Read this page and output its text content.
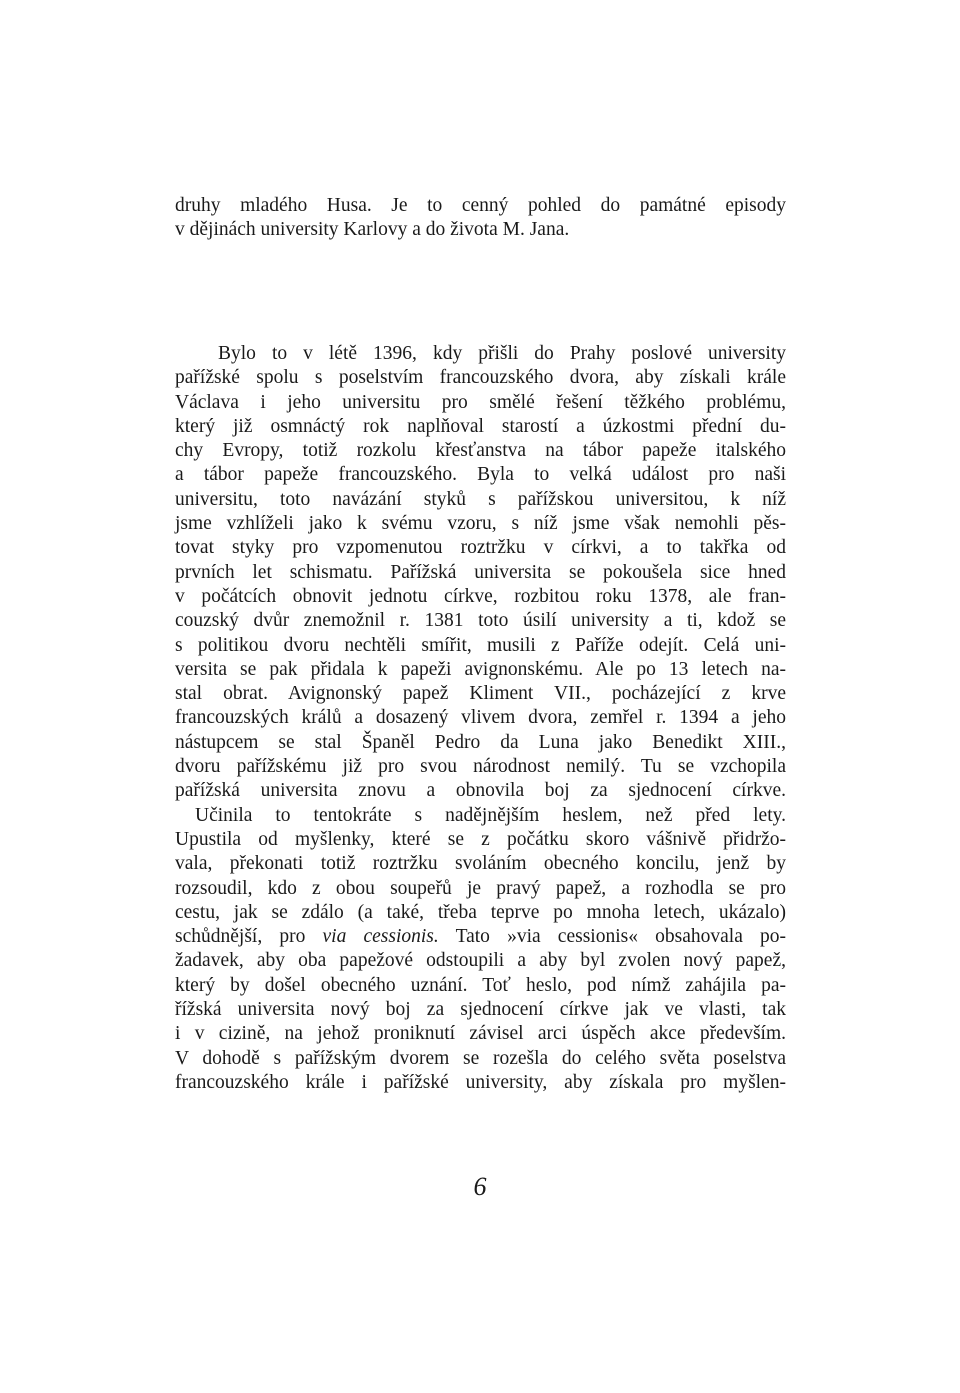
druhy mladého Husa. Je to cenný pohled do památné episody
v dějinách university Karlovy a do života M. Jana.
Bylo to v létě 1396, kdy přišli do Prahy poslové university
pařížské spolu s poselstvím francouzského dvora, aby získali krále
Václava i jeho universitu pro smělé řešení těžkého problému,
který již osmnáctý rok naplňoval starostí a úzkostmi přední du-
chy Evropy, totiž rozkolu křesťanstva na tábor papeže italského
a tábor papeže francouzského. Byla to velká událost pro naši
universitu, toto navázání styků s pařížskou universitou, k níž
jsme vzhlíželi jako k svému vzoru, s níž jsme však nemohli pěs-
tovat styky pro vzpomenutou roztržku v církvi, a to takřka od
prvních let schismatu. Pařížská universita se pokoušela sice hned
v počátcích obnovit jednotu církve, rozbitou roku 1378, ale fran-
couzský dvůr znemožnil r. 1381 toto úsilí university a ti, kdož se
s politikou dvoru nechtěli smířit, musili z Paříže odejít. Celá uni-
versita se pak přidala k papeži avignonskému. Ale po 13 letech na-
stal obrat. Avignonský papež Kliment VII., pocházející z krve
francouzských králů a dosazený vlivem dvora, zemřel r. 1394 a jeho
nástupcem se stal Španěl Pedro da Luna jako Benedikt XIII.,
dvoru pařížskému již pro svou národnost nemilý. Tu se vzchopila
pařížská universita znovu a obnovila boj za sjednocení církve.
Učinila to tentokráte s nadějnějším heslem, než před lety.
Upustila od myšlenky, které se z počátku skoro vášnivě přidržo-
vala, překonati totiž roztržku svoláním obecného koncilu, jenž by
rozsoudil, kdo z obou soupeřů je pravý papež, a rozhodla se pro
cestu, jak se zdálo (a také, třeba teprve po mnoha letech, ukázalo)
schůdnější, pro via cessionis. Tato »via cessionis« obsahovala po-
žadavek, aby oba papežové odstoupili a aby byl zvolen nový papež,
který by došel obecného uznání. Toť heslo, pod nímž zahájila pa-
řížská universita nový boj za sjednocení církve jak ve vlasti, tak
i v cizině, na jehož proniknutí závisel arci úspěch akce především.
V dohodě s pařížským dvorem se rozešla do celého světa poselstva
francouzského krále i pařížské university, aby získala pro myšlen-
6
